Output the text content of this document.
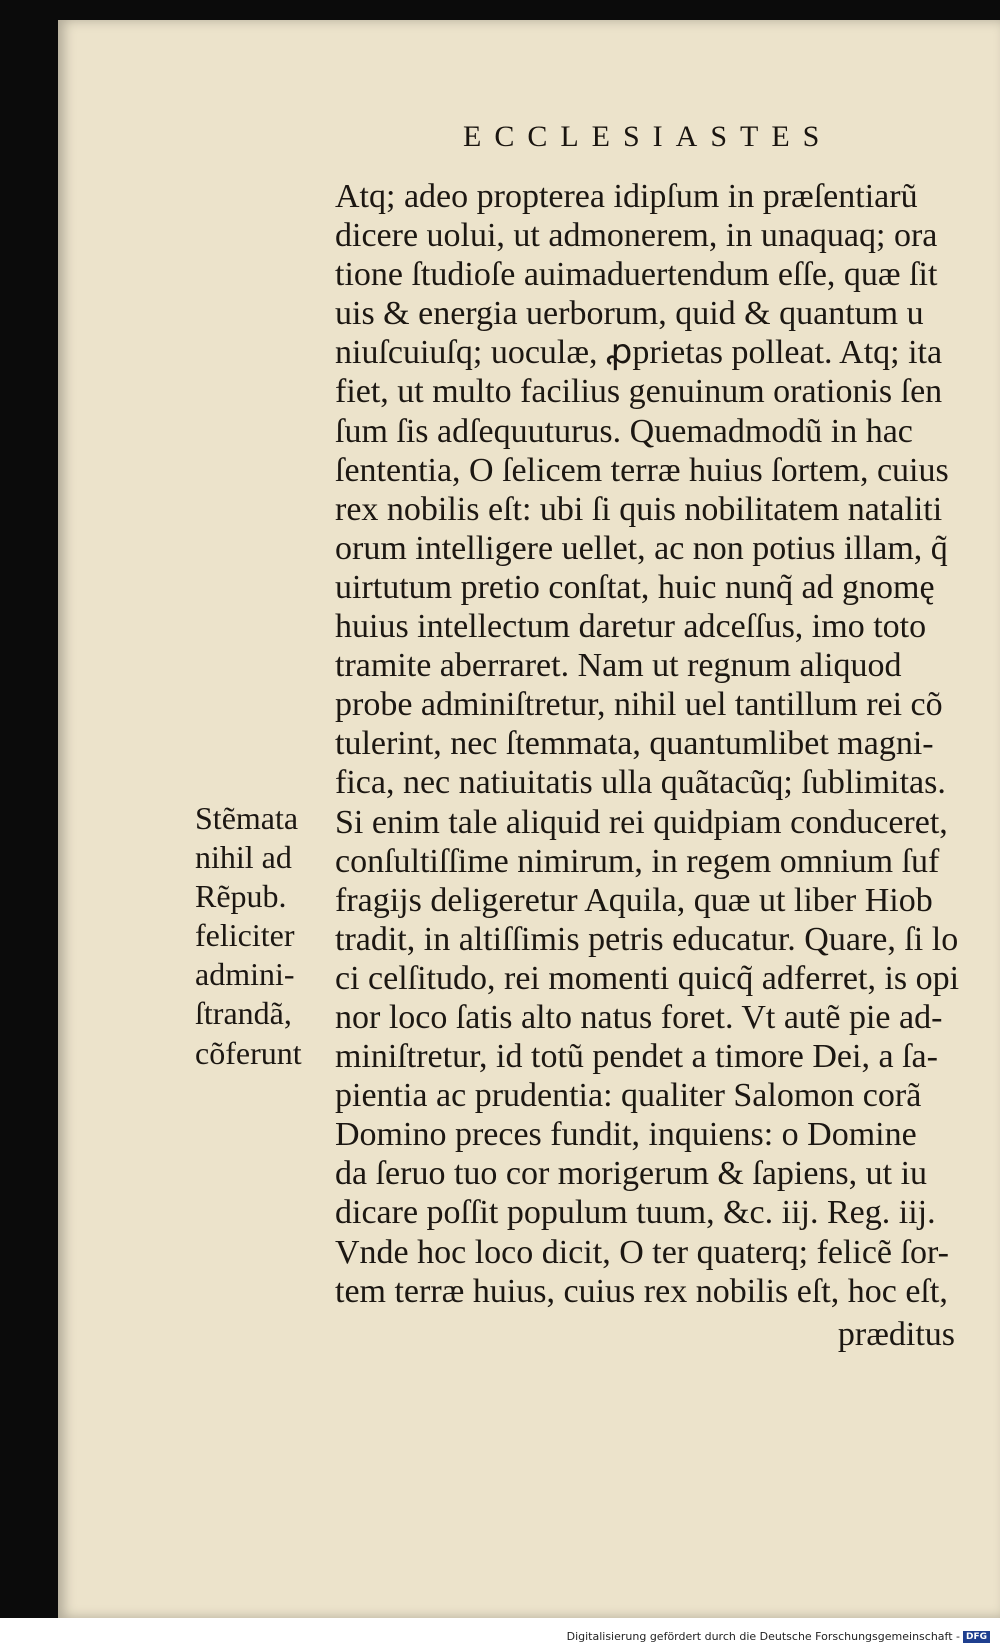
ECCLESIASTES
Atq; adeo propterea idipſum in præſentiarũ
dicere uolui, ut admonerem, in unaquaq; ora
tione ſtudioſe auimaduertendum eſſe, quæ ſit
uis & energia uerborum, quid & quantum u
niuſcuiuſq; uoculæ, ꝓprietas polleat. Atq; ita
fiet, ut multo facilius genuinum orationis ſen
ſum ſis adſequuturus. Quemadmodũ in hac
ſententia, O ſelicem terræ huius ſortem, cuius
rex nobilis eſt: ubi ſi quis nobilitatem nataliti
orum intelligere uellet, ac non potius illam, q̃
uirtutum pretio conſtat, huic nunq̃ ad gnomę
huius intellectum daretur adceſſus, imo toto
tramite aberraret. Nam ut regnum aliquod
probe adminiſtretur, nihil uel tantillum rei cõ
tulerint, nec ſtemmata, quantumlibet magni-
fica, nec natiuitatis ulla quãtacũq; ſublimitas.
Si enim tale aliquid rei quidpiam conduceret,
conſultiſſime nimirum, in regem omnium ſuf
fragijs deligeretur Aquila, quæ ut liber Hiob
tradit, in altiſſimis petris educatur. Quare, ſi lo
ci celſitudo, rei momenti quicq̃ adferret, is opi
nor loco ſatis alto natus foret. Vt autẽ pie ad-
miniſtretur, id totũ pendet a timore Dei, a ſa-
pientia ac prudentia: qualiter Salomon corã
Domino preces fundit, inquiens: o Domine
da ſeruo tuo cor morigerum & ſapiens, ut iu
dicare poſſit populum tuum, &c. iij. Reg. iij.
Vnde hoc loco dicit, O ter quaterq; felicẽ ſor-
tem terræ huius, cuius rex nobilis eſt, hoc eſt,
Stẽmata
nihil ad
Rẽpub.
feliciter
admini-
ſtrandã,
cõferunt
præditus
Digitalisierung gefördert durch die Deutsche Forschungsgemeinschaft - DFG
